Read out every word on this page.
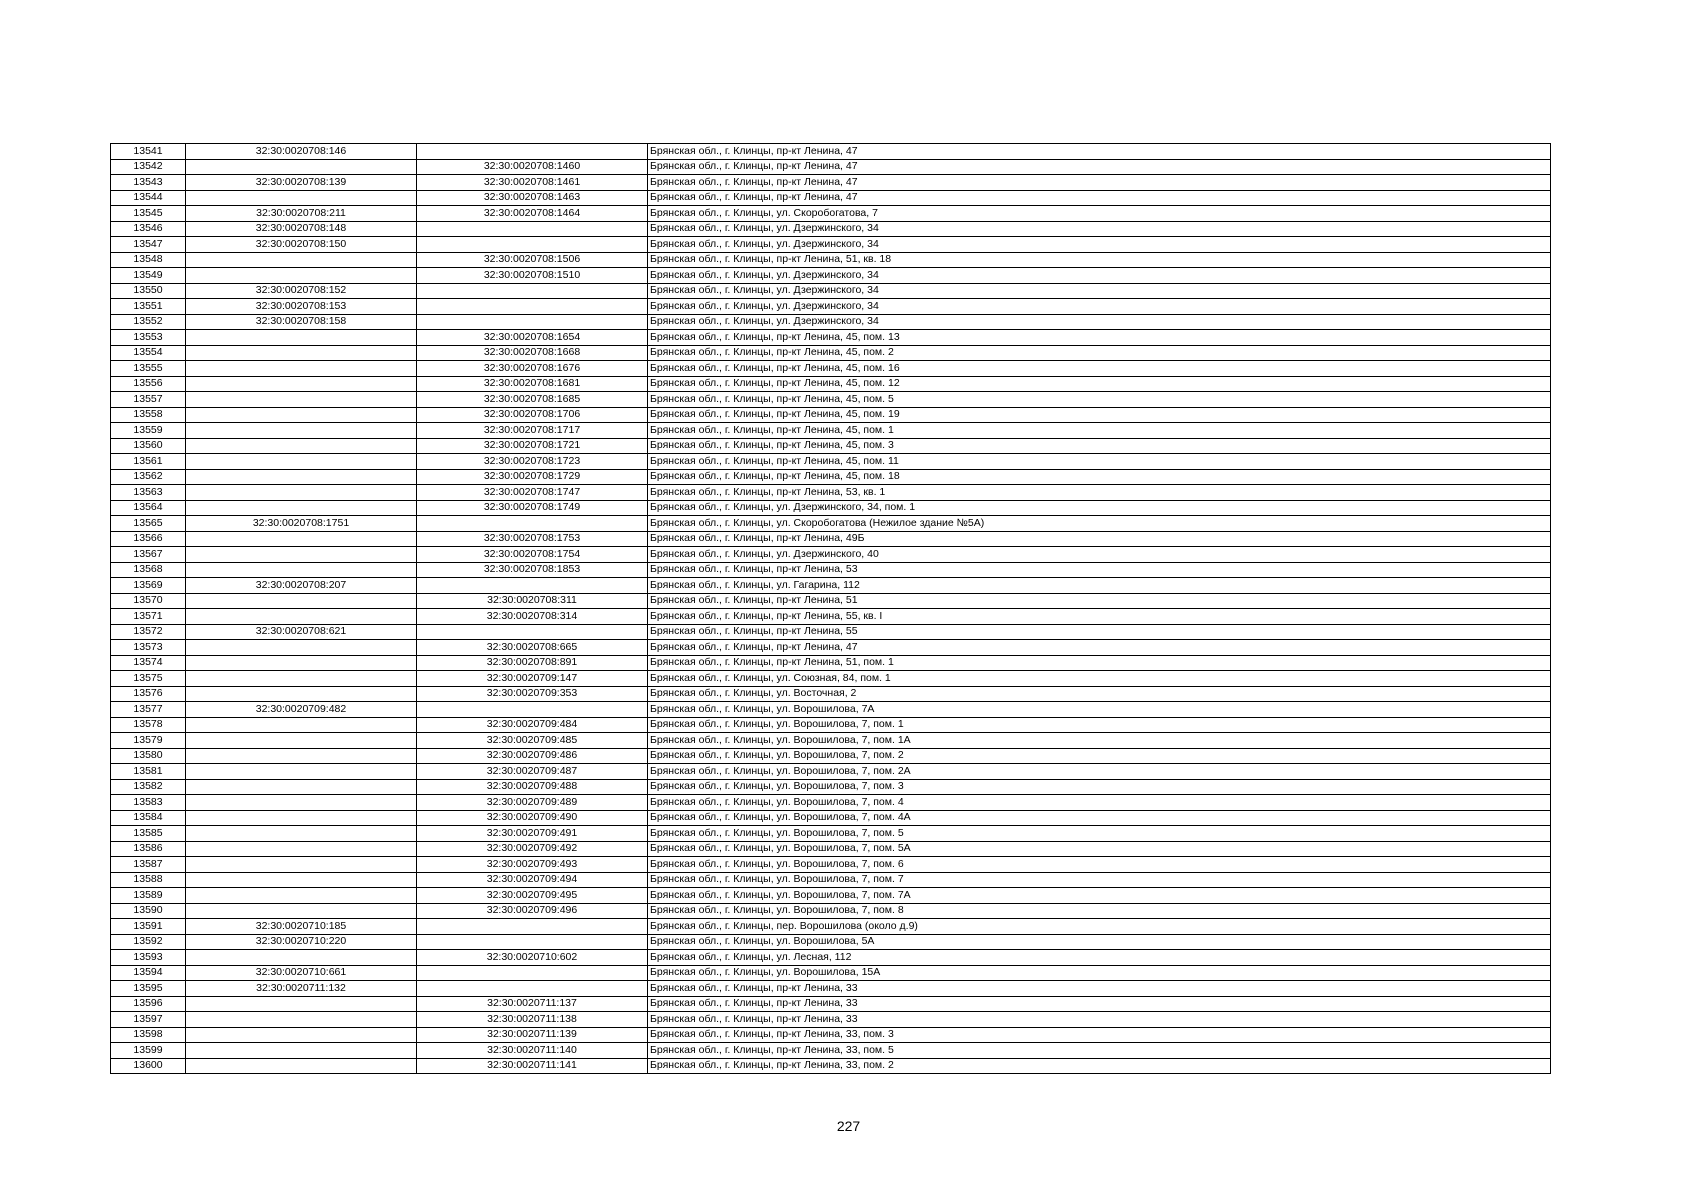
13541	32:30:0020708:146		Брянская обл., г. Клинцы, пр-кт Ленина, 47
13542		32:30:0020708:1460	Брянская обл., г. Клинцы, пр-кт Ленина, 47
13543	32:30:0020708:139	32:30:0020708:1461	Брянская обл., г. Клинцы, пр-кт Ленина, 47
13544		32:30:0020708:1463	Брянская обл., г. Клинцы, пр-кт Ленина, 47
13545	32:30:0020708:211	32:30:0020708:1464	Брянская обл., г. Клинцы, ул. Скоробогатова, 7
13546	32:30:0020708:148		Брянская обл., г. Клинцы, ул. Дзержинского, 34
13547	32:30:0020708:150		Брянская обл., г. Клинцы, ул. Дзержинского, 34
13548		32:30:0020708:1506	Брянская обл., г. Клинцы, пр-кт Ленина, 51, кв. 18
13549		32:30:0020708:1510	Брянская обл., г. Клинцы, ул. Дзержинского, 34
13550	32:30:0020708:152		Брянская обл., г. Клинцы, ул. Дзержинского, 34
13551	32:30:0020708:153		Брянская обл., г. Клинцы, ул. Дзержинского, 34
13552	32:30:0020708:158		Брянская обл., г. Клинцы, ул. Дзержинского, 34
13553		32:30:0020708:1654	Брянская обл., г. Клинцы, пр-кт Ленина, 45, пом. 13
13554		32:30:0020708:1668	Брянская обл., г. Клинцы, пр-кт Ленина, 45, пом. 2
13555		32:30:0020708:1676	Брянская обл., г. Клинцы, пр-кт Ленина, 45, пом. 16
13556		32:30:0020708:1681	Брянская обл., г. Клинцы, пр-кт Ленина, 45, пом. 12
13557		32:30:0020708:1685	Брянская обл., г. Клинцы, пр-кт Ленина, 45, пом. 5
13558		32:30:0020708:1706	Брянская обл., г. Клинцы, пр-кт Ленина, 45, пом. 19
13559		32:30:0020708:1717	Брянская обл., г. Клинцы, пр-кт Ленина, 45, пом. 1
13560		32:30:0020708:1721	Брянская обл., г. Клинцы, пр-кт Ленина, 45, пом. 3
13561		32:30:0020708:1723	Брянская обл., г. Клинцы, пр-кт Ленина, 45, пом. 11
13562		32:30:0020708:1729	Брянская обл., г. Клинцы, пр-кт Ленина, 45, пом. 18
13563		32:30:0020708:1747	Брянская обл., г. Клинцы, пр-кт Ленина, 53, кв. 1
13564		32:30:0020708:1749	Брянская обл., г. Клинцы, ул. Дзержинского, 34, пом. 1
13565	32:30:0020708:1751		Брянская обл., г. Клинцы, ул. Скоробогатова (Нежилое здание №5А)
13566		32:30:0020708:1753	Брянская обл., г. Клинцы, пр-кт Ленина, 49Б
13567		32:30:0020708:1754	Брянская обл., г. Клинцы, ул. Дзержинского, 40
13568		32:30:0020708:1853	Брянская обл., г. Клинцы, пр-кт Ленина, 53
13569	32:30:0020708:207		Брянская обл., г. Клинцы, ул. Гагарина, 112
13570		32:30:0020708:311	Брянская обл., г. Клинцы, пр-кт Ленина, 51
13571		32:30:0020708:314	Брянская обл., г. Клинцы, пр-кт Ленина, 55, кв. I
13572	32:30:0020708:621		Брянская обл., г. Клинцы, пр-кт Ленина, 55
13573		32:30:0020708:665	Брянская обл., г. Клинцы, пр-кт Ленина, 47
13574		32:30:0020708:891	Брянская обл., г. Клинцы, пр-кт Ленина, 51, пом. 1
13575		32:30:0020709:147	Брянская обл., г. Клинцы, ул. Союзная, 84, пом. 1
13576		32:30:0020709:353	Брянская обл., г. Клинцы, ул. Восточная, 2
13577	32:30:0020709:482		Брянская обл., г. Клинцы, ул. Ворошилова, 7А
13578		32:30:0020709:484	Брянская обл., г. Клинцы, ул. Ворошилова, 7, пом. 1
13579		32:30:0020709:485	Брянская обл., г. Клинцы, ул. Ворошилова, 7, пом. 1А
13580		32:30:0020709:486	Брянская обл., г. Клинцы, ул. Ворошилова, 7, пом. 2
13581		32:30:0020709:487	Брянская обл., г. Клинцы, ул. Ворошилова, 7, пом. 2А
13582		32:30:0020709:488	Брянская обл., г. Клинцы, ул. Ворошилова, 7, пом. 3
13583		32:30:0020709:489	Брянская обл., г. Клинцы, ул. Ворошилова, 7, пом. 4
13584		32:30:0020709:490	Брянская обл., г. Клинцы, ул. Ворошилова, 7, пом. 4А
13585		32:30:0020709:491	Брянская обл., г. Клинцы, ул. Ворошилова, 7, пом. 5
13586		32:30:0020709:492	Брянская обл., г. Клинцы, ул. Ворошилова, 7, пом. 5А
13587		32:30:0020709:493	Брянская обл., г. Клинцы, ул. Ворошилова, 7, пом. 6
13588		32:30:0020709:494	Брянская обл., г. Клинцы, ул. Ворошилова, 7, пом. 7
13589		32:30:0020709:495	Брянская обл., г. Клинцы, ул. Ворошилова, 7, пом. 7А
13590		32:30:0020709:496	Брянская обл., г. Клинцы, ул. Ворошилова, 7, пом. 8
13591	32:30:0020710:185		Брянская обл., г. Клинцы, пер. Ворошилова (около д.9)
13592	32:30:0020710:220		Брянская обл., г. Клинцы, ул. Ворошилова, 5А
13593		32:30:0020710:602	Брянская обл., г. Клинцы, ул. Лесная, 112
13594	32:30:0020710:661		Брянская обл., г. Клинцы, ул. Ворошилова, 15А
13595	32:30:0020711:132		Брянская обл., г. Клинцы, пр-кт Ленина, 33
13596		32:30:0020711:137	Брянская обл., г. Клинцы, пр-кт Ленина, 33
13597		32:30:0020711:138	Брянская обл., г. Клинцы, пр-кт Ленина, 33
13598		32:30:0020711:139	Брянская обл., г. Клинцы, пр-кт Ленина, 33, пом. 3
13599		32:30:0020711:140	Брянская обл., г. Клинцы, пр-кт Ленина, 33, пом. 5
13600		32:30:0020711:141	Брянская обл., г. Клинцы, пр-кт Ленина, 33, пом. 2
227
